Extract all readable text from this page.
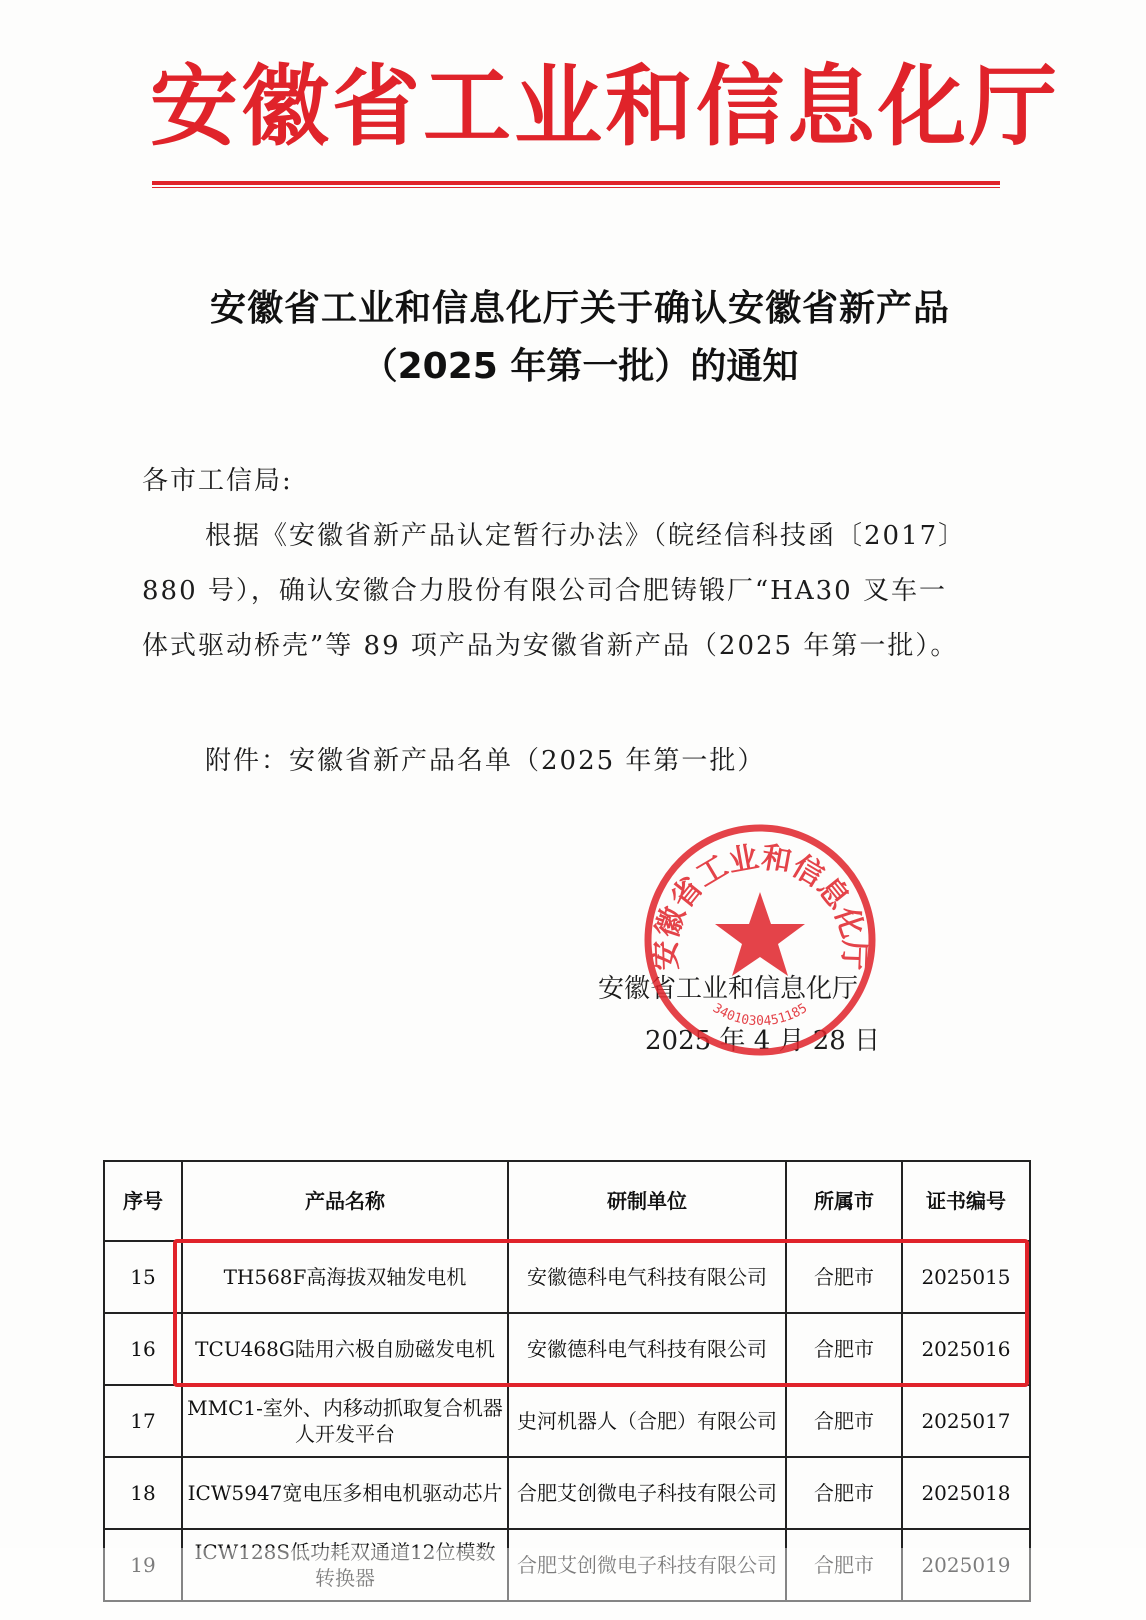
安徽省工业和信息化厅
安徽省工业和信息化厅关于确认安徽省新产品
（2025 年第一批）的通知
各市工信局:
根据《安徽省新产品认定暂行办法》（皖经信科技函〔2017〕
880 号），确认安徽合力股份有限公司合肥铸锻厂“HA30 叉车一
体式驱动桥壳”等 89 项产品为安徽省新产品（2025 年第一批）。
附件：安徽省新产品名单（2025 年第一批）
安徽省工业和信息化厅
2025 年 4 月 28 日
安徽省工业和信息化厅
3401030451185
序号	产品名称	研制单位	所属市	证书编号
15	TH568F高海拔双轴发电机	安徽德科电气科技有限公司	合肥市	2025015
16	TCU468G陆用六极自励磁发电机	安徽德科电气科技有限公司	合肥市	2025016
17	MMC1-室外、内移动抓取复合机器人开发平台	史河机器人（合肥）有限公司	合肥市	2025017
18	ICW5947宽电压多相电机驱动芯片	合肥艾创微电子科技有限公司	合肥市	2025018
19	ICW128S低功耗双通道12位模数转换器	合肥艾创微电子科技有限公司	合肥市	2025019
